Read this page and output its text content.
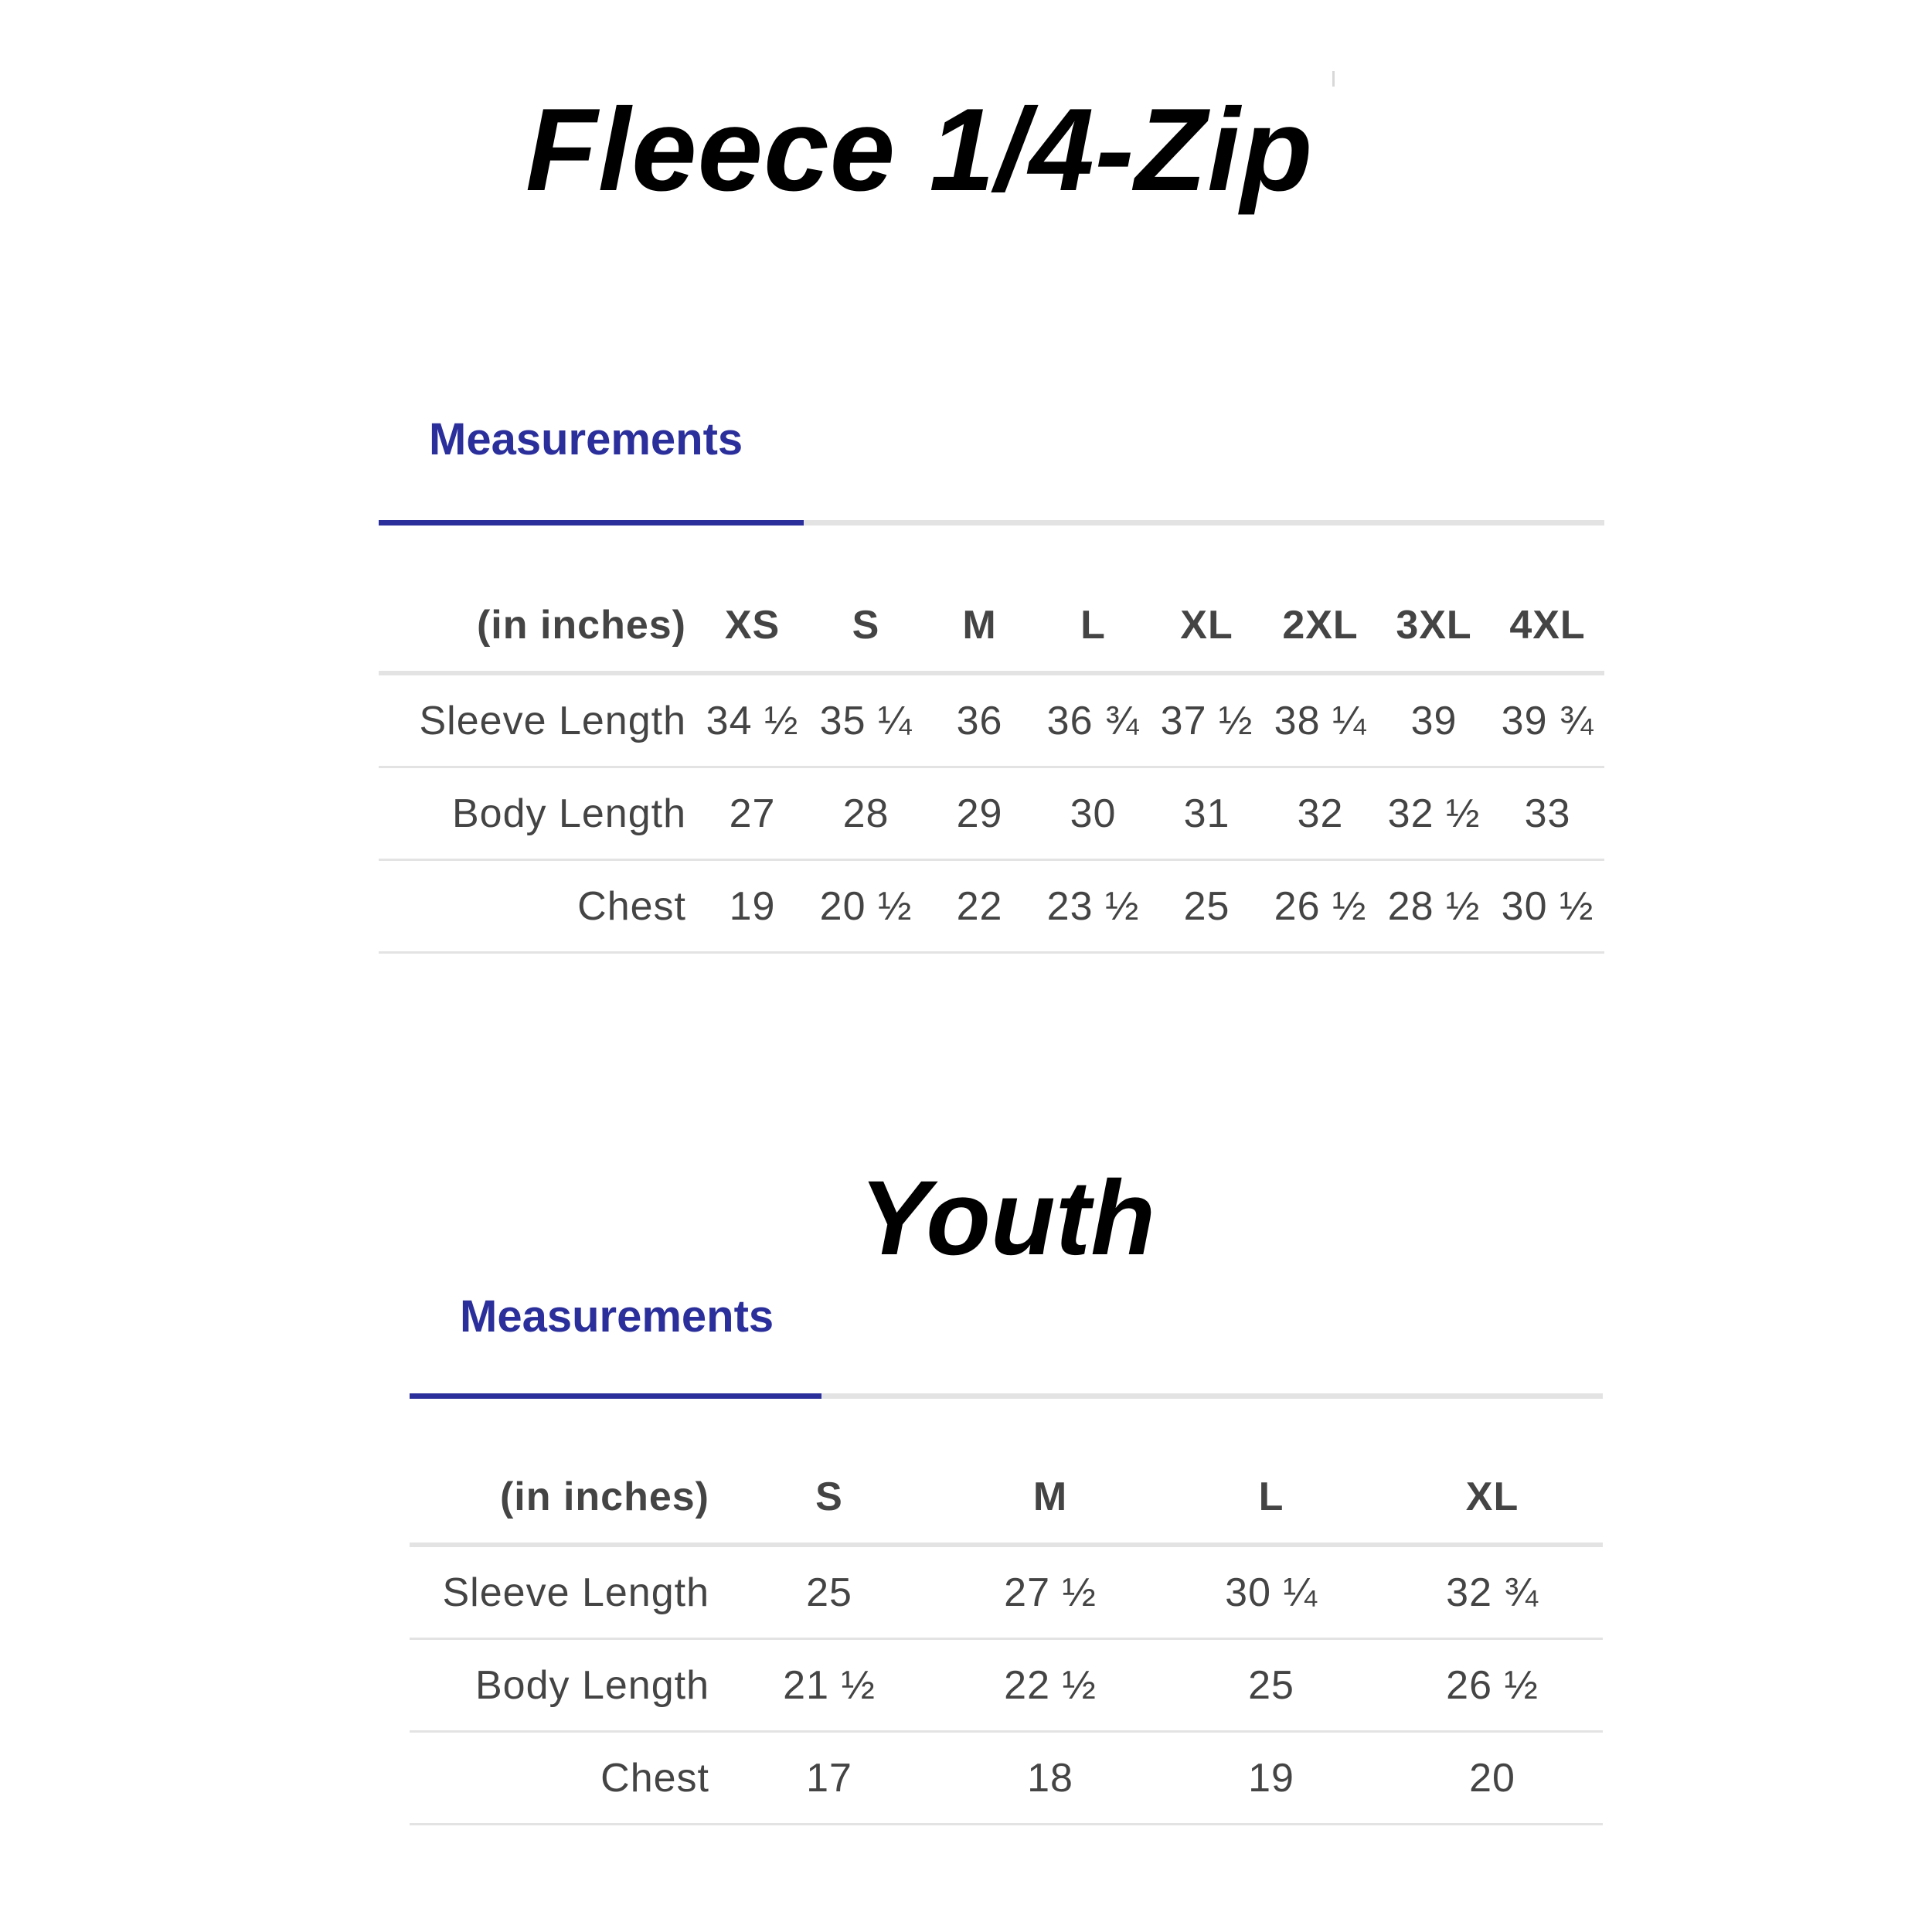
Fleece 1/4-Zip
Measurements
(in inches)	XS	S	M	L	XL	2XL	3XL	4XL
Sleeve Length	34 ½	35 ¼	36	36 ¾	37 ½	38 ¼	39	39 ¾
Body Length	27	28	29	30	31	32	32 ½	33
Chest	19	20 ½	22	23 ½	25	26 ½	28 ½	30 ½
Youth
Measurements
(in inches)	S	M	L	XL
Sleeve Length	25	27 ½	30 ¼	32 ¾
Body Length	21 ½	22 ½	25	26 ½
Chest	17	18	19	20
